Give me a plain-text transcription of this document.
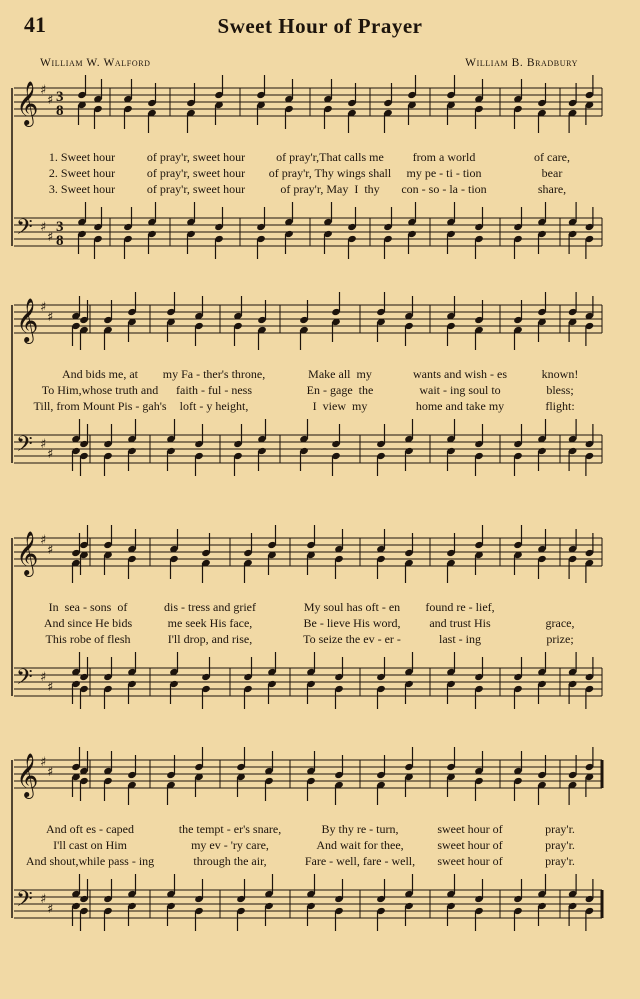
41	Sweet Hour of Prayer
William W. Walford	William B. Bradbury
𝄞 ♯
♯ 3
8
𝄢 ♯
♯
3
8
1. Sweet hour	of pray'r, sweet hour	of pray'r,That calls me from a world	of care,
2. Sweet hour	of pray'r, sweet hour of pray'r, Thy wings shall my pe - ti - tion	bear
3. Sweet hour	of pray'r, sweet hour	of pray'r, May  I  thy con - so - la - tion	share,
𝄞 ♯
♯
𝄢 ♯
♯
And bids me, at my Fa - ther's throne,	Make all  my	wants and wish - es	known!
To Him,whose truth and faith - ful - ness	En - gage  the	wait - ing soul to	bless;
Till, from Mount Pis - gah's loft - y height,	I  view  my	home and take my	flight:
𝄞 ♯
♯
𝄢 ♯
♯
In  sea - sons  of	dis - tress and grief	My soul has oft - en found re - lief,
And since He bids	me seek His face,	Be - lieve His word, and trust His	grace,
This robe of flesh	I'll drop, and rise,	To seize the ev - er -	last - ing	prize;
𝄞 ♯
♯
𝄢 ♯
♯
And oft es - caped	the tempt - er's snare,	By thy re - turn,	sweet hour of	pray'r.
I'll cast on Him	my ev - 'ry care,	And wait for thee,	sweet hour of	pray'r.
And shout,while pass - ing	through the air,	Fare - well, fare - well, sweet hour of	pray'r.
